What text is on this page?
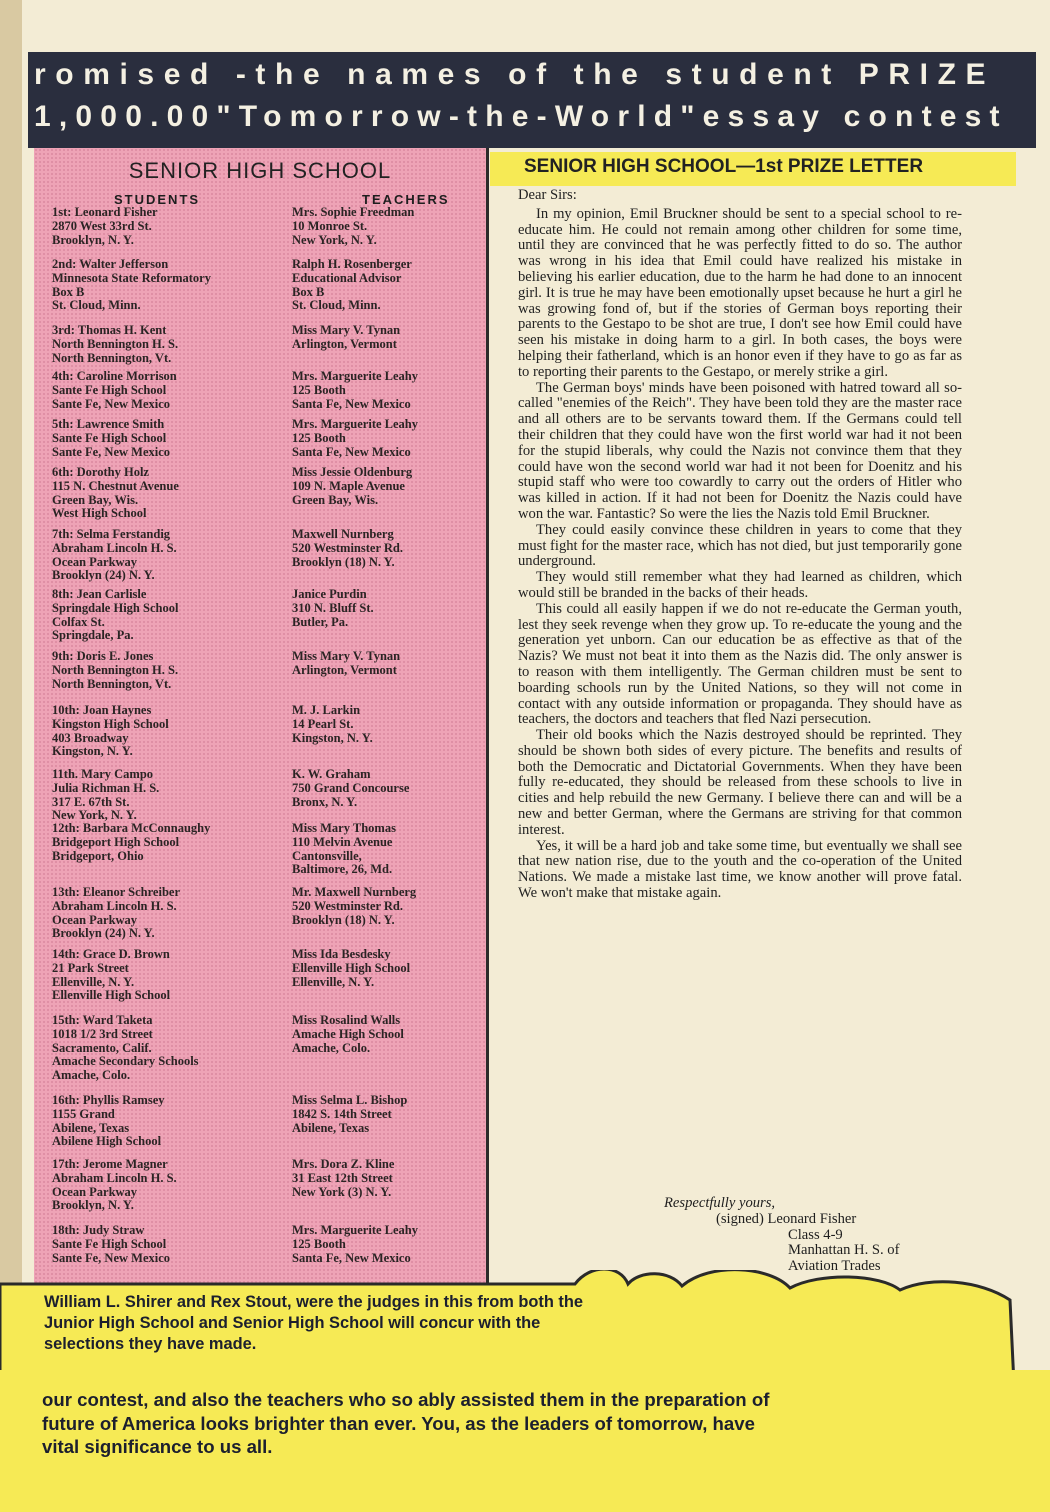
romised -the names of the student PRIZE
1,000.00"Tomorrow-the-World"essay contest
SENIOR HIGH SCHOOL
STUDENTS	TEACHERS
1st: Leonard Fisher
2870 West 33rd St.
Brooklyn, N. Y.
Mrs. Sophie Freedman
10 Monroe St.
New York, N. Y.
2nd: Walter Jefferson
Minnesota State Reformatory
Box B
St. Cloud, Minn.
Ralph H. Rosenberger
Educational Advisor
Box B
St. Cloud, Minn.
3rd: Thomas H. Kent
North Bennington H. S.
North Bennington, Vt.
Miss Mary V. Tynan
Arlington, Vermont
4th: Caroline Morrison
Sante Fe High School
Sante Fe, New Mexico
Mrs. Marguerite Leahy
125 Booth
Santa Fe, New Mexico
5th: Lawrence Smith
Sante Fe High School
Sante Fe, New Mexico
Mrs. Marguerite Leahy
125 Booth
Santa Fe, New Mexico
6th: Dorothy Holz
115 N. Chestnut Avenue
Green Bay, Wis.
West High School
Miss Jessie Oldenburg
109 N. Maple Avenue
Green Bay, Wis.
7th: Selma Ferstandig
Abraham Lincoln H. S.
Ocean Parkway
Brooklyn (24) N. Y.
Maxwell Nurnberg
520 Westminster Rd.
Brooklyn (18) N. Y.
8th: Jean Carlisle
Springdale High School
Colfax St.
Springdale, Pa.
Janice Purdin
310 N. Bluff St.
Butler, Pa.
9th: Doris E. Jones
North Bennington H. S.
North Bennington, Vt.
Miss Mary V. Tynan
Arlington, Vermont
10th: Joan Haynes
Kingston High School
403 Broadway
Kingston, N. Y.
M. J. Larkin
14 Pearl St.
Kingston, N. Y.
11th. Mary Campo
Julia Richman H. S.
317 E. 67th St.
New York, N. Y.
K. W. Graham
750 Grand Concourse
Bronx, N. Y.
12th: Barbara McConnaughy
Bridgeport High School
Bridgeport, Ohio
Miss Mary Thomas
110 Melvin Avenue
Cantonsville,
Baltimore, 26, Md.
13th: Eleanor Schreiber
Abraham Lincoln H. S.
Ocean Parkway
Brooklyn (24) N. Y.
Mr. Maxwell Nurnberg
520 Westminster Rd.
Brooklyn (18) N. Y.
14th: Grace D. Brown
21 Park Street
Ellenville, N. Y.
Ellenville High School
Miss Ida Besdesky
Ellenville High School
Ellenville, N. Y.
15th: Ward Taketa
1018 1/2 3rd Street
Sacramento, Calif.
Amache Secondary Schools
Amache, Colo.
Miss Rosalind Walls
Amache High School
Amache, Colo.
16th: Phyllis Ramsey
1155 Grand
Abilene, Texas
Abilene High School
Miss Selma L. Bishop
1842 S. 14th Street
Abilene, Texas
17th: Jerome Magner
Abraham Lincoln H. S.
Ocean Parkway
Brooklyn, N. Y.
Mrs. Dora Z. Kline
31 East 12th Street
New York (3) N. Y.
18th: Judy Straw
Sante Fe High School
Sante Fe, New Mexico
Mrs. Marguerite Leahy
125 Booth
Santa Fe, New Mexico
SENIOR HIGH SCHOOL—1st PRIZE LETTER
Dear Sirs:

In my opinion, Emil Bruckner should be sent to a special school to re-educate him. He could not remain among other children for some time, until they are convinced that he was perfectly fitted to do so. The author was wrong in his idea that Emil could have realized his mistake in believing his earlier education, due to the harm he had done to an innocent girl. It is true he may have been emotionally upset because he hurt a girl he was growing fond of, but if the stories of German boys reporting their parents to the Gestapo to be shot are true, I don't see how Emil could have seen his mistake in doing harm to a girl. In both cases, the boys were helping their fatherland, which is an honor even if they have to go as far as to reporting their parents to the Gestapo, or merely strike a girl.

The German boys' minds have been poisoned with hatred toward all so-called "enemies of the Reich". They have been told they are the master race and all others are to be servants toward them. If the Germans could tell their children that they could have won the first world war had it not been for the stupid liberals, why could the Nazis not convince them that they could have won the second world war had it not been for Doenitz and his stupid staff who were too cowardly to carry out the orders of Hitler who was killed in action. If it had not been for Doenitz the Nazis could have won the war. Fantastic? So were the lies the Nazis told Emil Bruckner.

They could easily convince these children in years to come that they must fight for the master race, which has not died, but just temporarily gone underground.

They would still remember what they had learned as children, which would still be branded in the backs of their heads.

This could all easily happen if we do not re-educate the German youth, lest they seek revenge when they grow up. To re-educate the young and the generation yet unborn. Can our education be as effective as that of the Nazis? We must not beat it into them as the Nazis did. The only answer is to reason with them intelligently. The German children must be sent to boarding schools run by the United Nations, so they will not come in contact with any outside information or propaganda. They should have as teachers, the doctors and teachers that fled Nazi persecution.

Their old books which the Nazis destroyed should be reprinted. They should be shown both sides of every picture. The benefits and results of both the Democratic and Dictatorial Governments. When they have been fully re-educated, they should be released from these schools to live in cities and help rebuild the new Germany. I believe there can and will be a new and better German, where the Germans are striving for that common interest.

Yes, it will be a hard job and take some time, but eventually we shall see that new nation rise, due to the youth and the co-operation of the United Nations. We made a mistake last time, we know another will prove fatal. We won't make that mistake again.

Respectfully yours,
(signed) Leonard Fisher
Class 4-9
Manhattan H. S. of
Aviation Trades
William L. Shirer and Rex Stout, were the judges in this from both the Junior High School and Senior High School will concur with the selections they have made.
our contest, and also the teachers who so ably assisted them in the preparation of
future of America looks brighter than ever. You, as the leaders of tomorrow, have
vital significance to us all.
